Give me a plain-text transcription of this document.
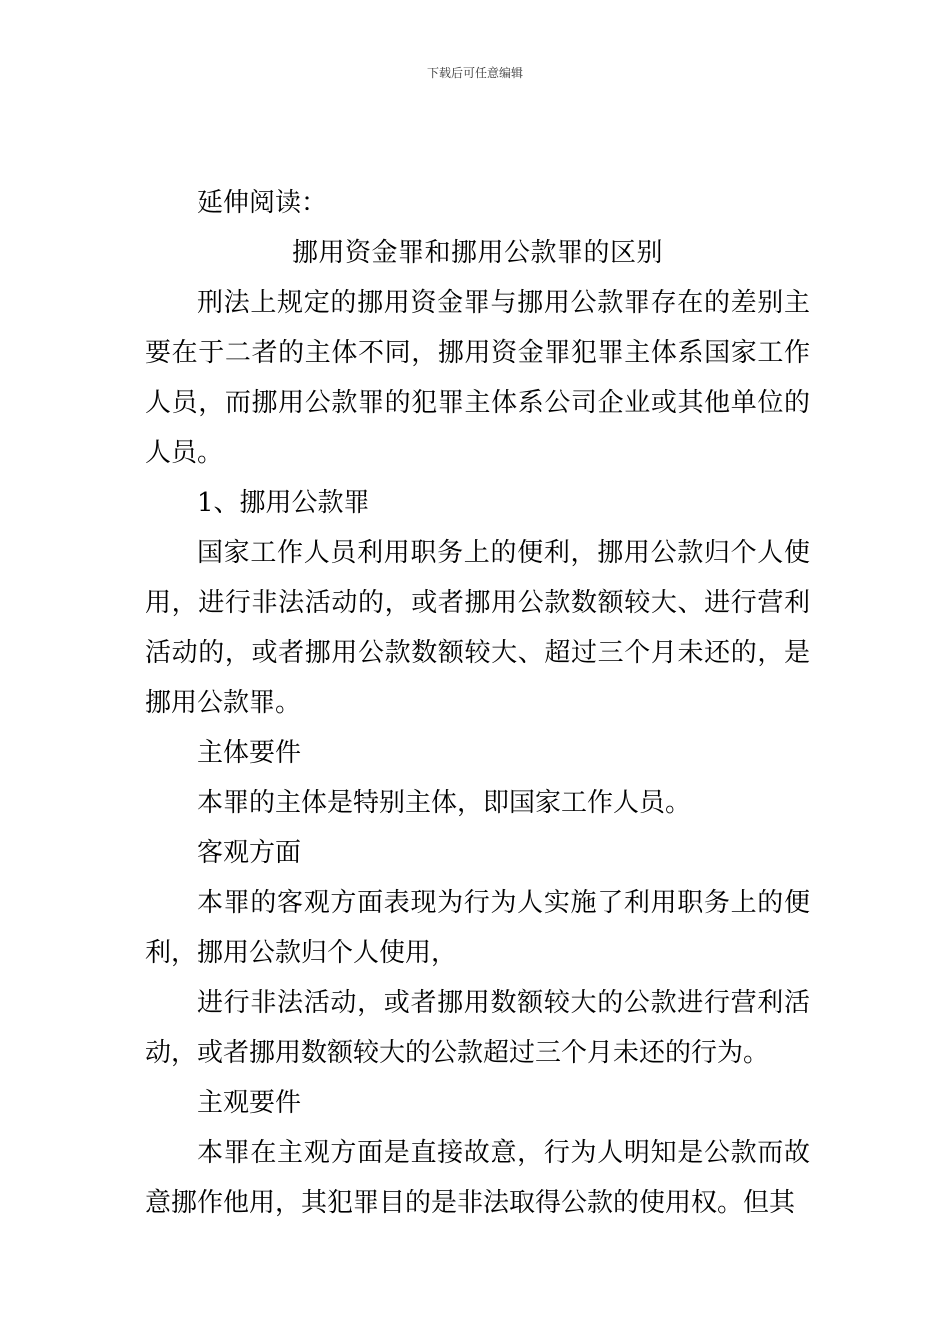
下载后可任意编辑

延伸阅读：

挪用资金罪和挪用公款罪的区别

刑法上规定的挪用资金罪与挪用公款罪存在的差别主要在于二者的主体不同，挪用资金罪犯罪主体系国家工作人员，而挪用公款罪的犯罪主体系公司企业或其他单位的人员。

1、挪用公款罪

国家工作人员利用职务上的便利，挪用公款归个人使用，进行非法活动的，或者挪用公款数额较大、进行营利活动的，或者挪用公款数额较大、超过三个月未还的，是挪用公款罪。

主体要件

本罪的主体是特别主体，即国家工作人员。

客观方面

本罪的客观方面表现为行为人实施了利用职务上的便利，挪用公款归个人使用，

进行非法活动，或者挪用数额较大的公款进行营利活动，或者挪用数额较大的公款超过三个月未还的行为。

主观要件

本罪在主观方面是直接故意，行为人明知是公款而故意挪作他用，其犯罪目的是非法取得公款的使用权。但其
